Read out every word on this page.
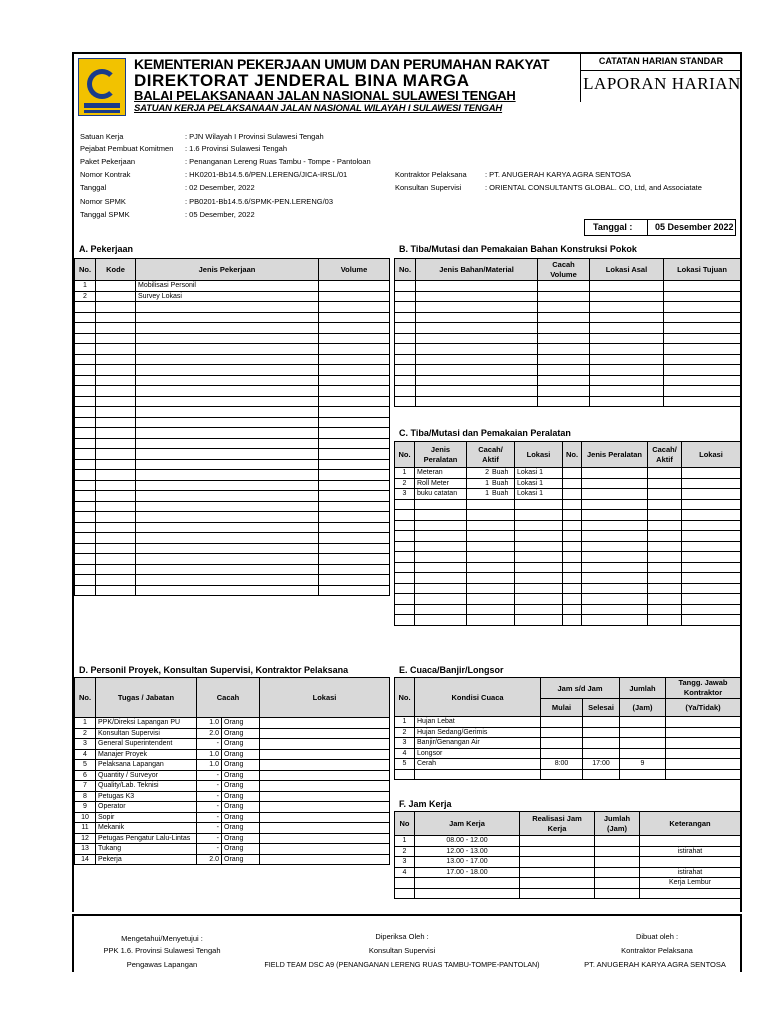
KEMENTERIAN PEKERJAAN UMUM DAN PERUMAHAN RAKYAT
DIREKTORAT JENDERAL BINA MARGA
BALAI PELAKSANAAN JALAN NASIONAL SULAWESI TENGAH
SATUAN KERJA PELAKSANAAN JALAN NASIONAL WILAYAH I SULAWESI TENGAH
CATATAN HARIAN STANDAR
LAPORAN HARIAN
Satuan Kerja	: PJN Wilayah I Provinsi Sulawesi Tengah
Pejabat Pembuat Komitmen : 1.6 Provinsi Sulawesi Tengah
Paket Pekerjaan	: Penanganan Lereng Ruas Tambu - Tompe - Pantoloan
Nomor Kontrak	: HK0201-Bb14.5.6/PEN.LERENG/JICA-IRSL/01
Tanggal	: 02 Desember, 2022
Nomor SPMK	: PB0201-Bb14.5.6/SPMK-PEN.LERENG/03
Tanggal SPMK	: 05 Desember, 2022
Kontraktor Pelaksana : PT. ANUGERAH KARYA AGRA SENTOSA
Konsultan Supervisi	: ORIENTAL CONSULTANTS GLOBAL. CO, Ltd, and Associatate
Tanggal :	05 Desember 2022
A. Pekerjaan
No.	Kode	Jenis Pekerjaan	Volume
1		Mobilisasi Personil	
2		Survey Lokasi	

B. Tiba/Mutasi dan Pemakaian Bahan Konstruksi Pokok
No.	Jenis Bahan/Material	Cacah Volume	Lokasi Asal	Lokasi Tujuan

C. Tiba/Mutasi dan Pemakaian Peralatan
No.	Jenis Peralatan	Cacah/ Aktif	Lokasi	No.	Jenis Peralatan	Cacah/ Aktif	Lokasi
1	Meteran	2 Buah	Lokasi 1				
2	Roll Meter	1 Buah	Lokasi 1				
3	buku catatan	1 Buah	Lokasi 1				

D. Personil Proyek, Konsultan Supervisi, Kontraktor Pelaksana
No.	Tugas / Jabatan	Cacah		Lokasi
1	PPK/Direksi Lapangan PU	1.0	Orang	
2	Konsultan Supervisi	2.0	Orang	
3	General Superintendent	-	Orang	
4	Manajer Proyek	1.0	Orang	
5	Pelaksana Lapangan	1.0	Orang	
6	Quantity / Surveyor	-	Orang	
7	Quality/Lab. Teknisi	-	Orang	
8	Petugas K3	-	Orang	
9	Operator	-	Orang	
10	Sopir	-	Orang	
11	Mekanik	-	Orang	
12	Petugas Pengatur Lalu-Lintas	-	Orang	
13	Tukang	-	Orang	
14	Pekerja	2.0	Orang	
E. Cuaca/Banjir/Longsor
No.	Kondisi Cuaca	Jam s/d Jam		Jumlah	Tangg. Jawab Kontraktor
		Mulai	Selesai	(Jam)	(Ya/Tidak)
1	Hujan Lebat				
2	Hujan Sedang/Gerimis				
3	Banjir/Genangan Air				
4	Longsor				
5	Cerah	8:00	17:00	9	

F. Jam Kerja
No	Jam Kerja	Realisasi Jam Kerja	Jumlah (Jam)	Keterangan
1	08.00 - 12.00			
2	12.00 - 13.00			istirahat
3	13.00 - 17.00			
4	17.00 - 18.00			istirahat
				Kerja Lembur

Mengetahui/Menyetujui :
PPK 1.6. Provinsi Sulawesi Tengah
Pengawas Lapangan
Diperiksa Oleh :
Konsultan Supervisi
FIELD TEAM DSC A9 (PENANGANAN LERENG RUAS TAMBU-TOMPE-PANTOLAN)
Dibuat oleh :
Kontraktor Pelaksana
PT. ANUGERAH KARYA AGRA SENTOSA
